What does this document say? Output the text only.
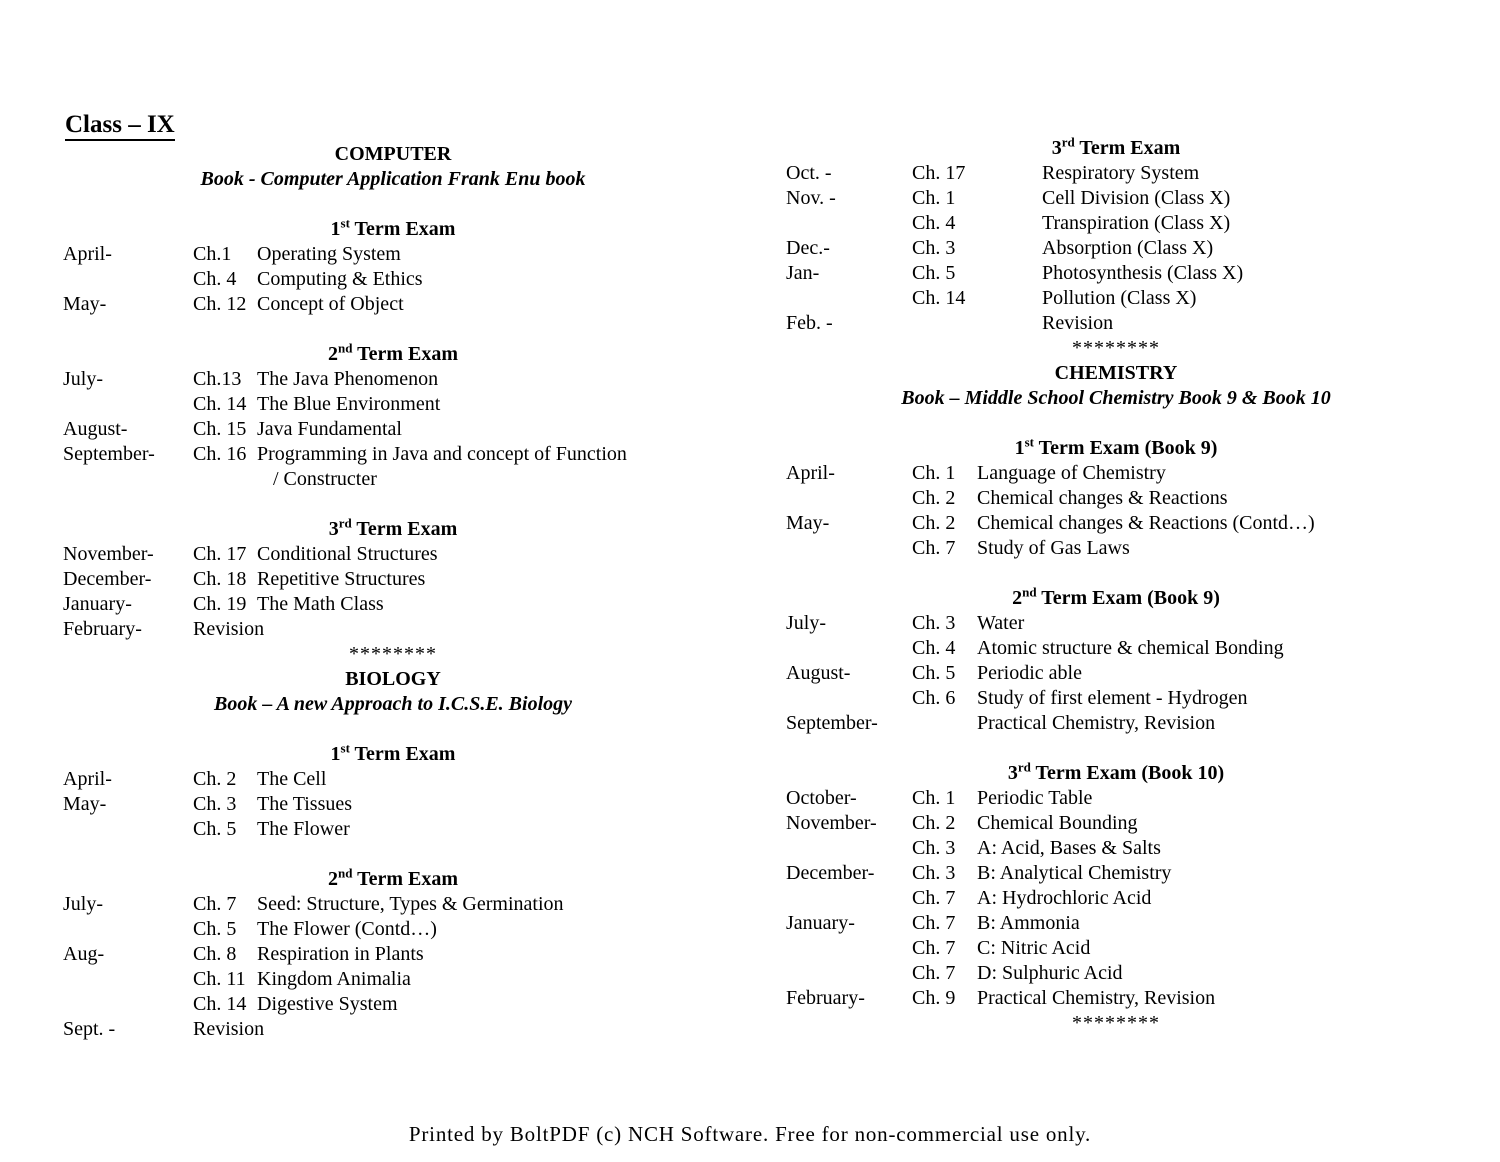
Class – IX
COMPUTER
Book - Computer Application Frank Enu book
1st Term Exam
April-	Ch.1	Operating System
Ch. 4	Computing & Ethics
May-	Ch. 12 Concept of Object
2nd Term Exam
July-	Ch.13 The Java Phenomenon
Ch. 14 The Blue Environment
August-	Ch. 15 Java Fundamental
September-	Ch. 16 Programming in Java and concept of Function
/ Constructer
3rd Term Exam
November-	Ch. 17 Conditional Structures
December-	Ch. 18 Repetitive Structures
January-	Ch. 19 The Math Class
February-	Revision
********
BIOLOGY
Book – A new Approach to I.C.S.E. Biology
1st Term Exam
April-	Ch. 2	The Cell
May-	Ch. 3	The Tissues
Ch. 5	The Flower
2nd Term Exam
July-	Ch. 7	Seed: Structure, Types & Germination
Ch. 5	The Flower (Contd…)
Aug-	Ch. 8	Respiration in Plants
Ch. 11 Kingdom Animalia
Ch. 14 Digestive System
Sept. -	Revision
3rd Term Exam
Oct. -	Ch. 17	Respiratory System
Nov. -	Ch. 1	Cell Division (Class X)
Ch. 4	Transpiration (Class X)
Dec.-	Ch. 3	Absorption (Class X)
Jan-	Ch. 5	Photosynthesis (Class X)
Ch. 14	Pollution (Class X)
Feb. -	Revision
********
CHEMISTRY
Book – Middle School Chemistry Book 9 & Book 10
1st Term Exam (Book 9)
April-	Ch. 1	Language of Chemistry
Ch. 2	Chemical changes & Reactions
May-	Ch. 2	Chemical changes & Reactions (Contd…)
Ch. 7	Study of Gas Laws
2nd Term Exam (Book 9)
July-	Ch. 3	Water
Ch. 4	Atomic structure & chemical Bonding
August-	Ch. 5	Periodic able
Ch. 6	Study of first element - Hydrogen
September-	Practical Chemistry, Revision
3rd Term Exam (Book 10)
October-	Ch. 1	Periodic Table
November-	Ch. 2	Chemical Bounding
Ch. 3	A: Acid, Bases & Salts
December-	Ch. 3	B: Analytical Chemistry
Ch. 7	A: Hydrochloric Acid
January-	Ch. 7	B: Ammonia
Ch. 7	C: Nitric Acid
Ch. 7	D: Sulphuric Acid
February-	Ch. 9	Practical Chemistry, Revision
********
Printed by BoltPDF (c) NCH Software. Free for non-commercial use only.
